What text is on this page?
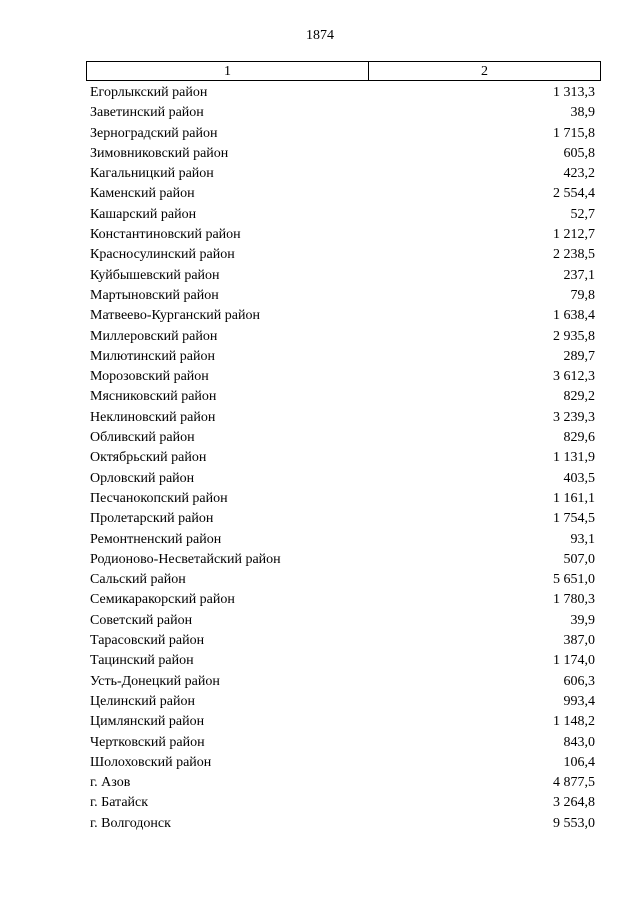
1874
1	2
Егорлыкский район	1 313,3
Заветинский район	38,9
Зерноградский район	1 715,8
Зимовниковский район	605,8
Кагальницкий район	423,2
Каменский район	2 554,4
Кашарский район	52,7
Константиновский район	1 212,7
Красносулинский район	2 238,5
Куйбышевский район	237,1
Мартыновский район	79,8
Матвеево-Курганский район	1 638,4
Миллеровский район	2 935,8
Милютинский район	289,7
Морозовский район	3 612,3
Мясниковский район	829,2
Неклиновский район	3 239,3
Обливский район	829,6
Октябрьский район	1 131,9
Орловский район	403,5
Песчанокопский район	1 161,1
Пролетарский район	1 754,5
Ремонтненский район	93,1
Родионово-Несветайский район	507,0
Сальский район	5 651,0
Семикаракорский район	1 780,3
Советский район	39,9
Тарасовский район	387,0
Тацинский район	1 174,0
Усть-Донецкий район	606,3
Целинский район	993,4
Цимлянский район	1 148,2
Чертковский район	843,0
Шолоховский район	106,4
г. Азов	4 877,5
г. Батайск	3 264,8
г. Волгодонск	9 553,0
